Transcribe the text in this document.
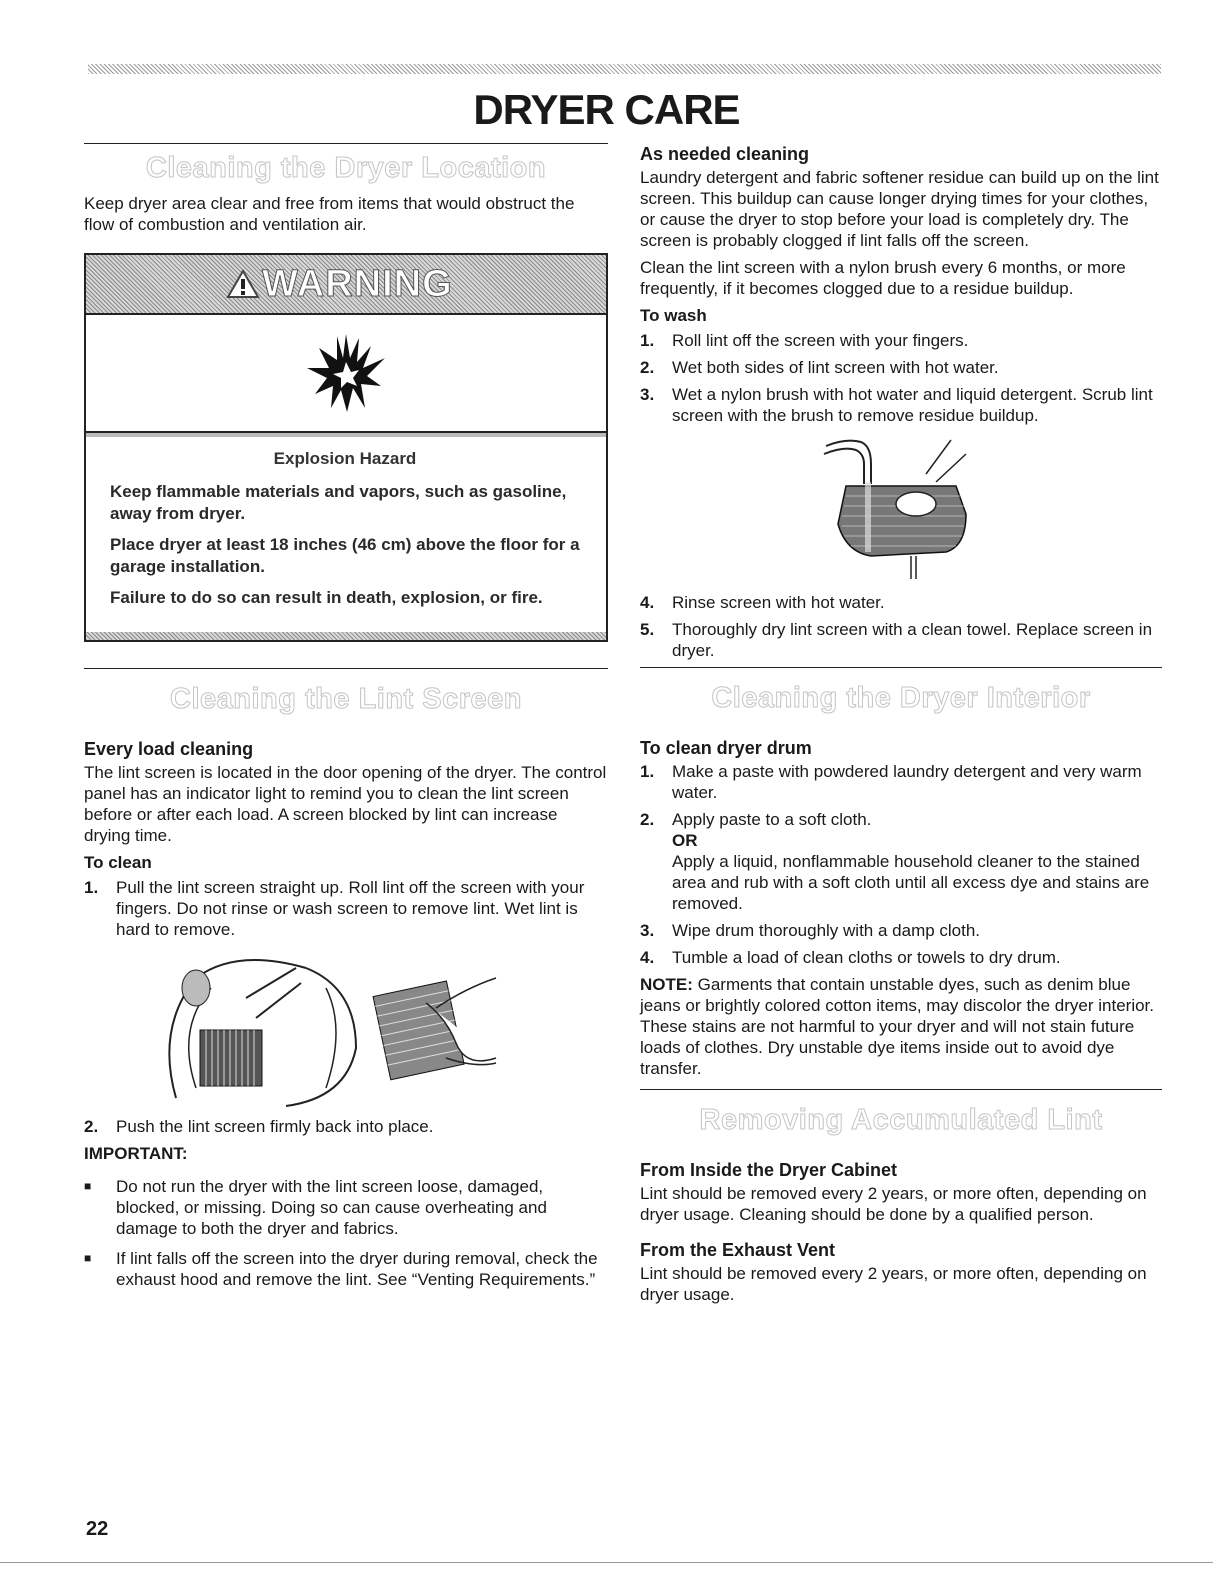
DRYER CARE
Cleaning the Dryer Location

Keep dryer area clear and free from items that would obstruct the flow of combustion and ventilation air.

WARNING
Explosion Hazard

Keep flammable materials and vapors, such as gasoline, away from dryer.

Place dryer at least 18 inches (46 cm) above the floor for a garage installation.

Failure to do so can result in death, explosion, or fire.

Cleaning the Lint Screen
Every load cleaning

The lint screen is located in the door opening of the dryer. The control panel has an indicator light to remind you to clean the lint screen before or after each load. A screen blocked by lint can increase drying time.

To clean
1.	Pull the lint screen straight up. Roll lint off the screen with your fingers. Do not rinse or wash screen to remove lint. Wet lint is hard to remove.
2.	Push the lint screen firmly back into place.
IMPORTANT:
■	Do not run the dryer with the lint screen loose, damaged, blocked, or missing. Doing so can cause overheating and damage to both the dryer and fabrics.
■	If lint falls off the screen into the dryer during removal, check the exhaust hood and remove the lint. See “Venting Requirements.”
As needed cleaning

Laundry detergent and fabric softener residue can build up on the lint screen. This buildup can cause longer drying times for your clothes, or cause the dryer to stop before your load is completely dry. The screen is probably clogged if lint falls off the screen.

Clean the lint screen with a nylon brush every 6 months, or more frequently, if it becomes clogged due to a residue buildup.

To wash
1.	Roll lint off the screen with your fingers.
2.	Wet both sides of lint screen with hot water.
3.	Wet a nylon brush with hot water and liquid detergent. Scrub lint screen with the brush to remove residue buildup.
4.	Rinse screen with hot water.
5.	Thoroughly dry lint screen with a clean towel. Replace screen in dryer.
Cleaning the Dryer Interior
To clean dryer drum
1.	Make a paste with powdered laundry detergent and very warm water.
2.	Apply paste to a soft cloth.
OR
Apply a liquid, nonflammable household cleaner to the stained area and rub with a soft cloth until all excess dye and stains are removed.
3.	Wipe drum thoroughly with a damp cloth.
4.	Tumble a load of clean cloths or towels to dry drum.

NOTE: Garments that contain unstable dyes, such as denim blue jeans or brightly colored cotton items, may discolor the dryer interior. These stains are not harmful to your dryer and will not stain future loads of clothes. Dry unstable dye items inside out to avoid dye transfer.

Removing Accumulated Lint
From Inside the Dryer Cabinet

Lint should be removed every 2 years, or more often, depending on dryer usage. Cleaning should be done by a qualified person.

From the Exhaust Vent

Lint should be removed every 2 years, or more often, depending on dryer usage.

22
